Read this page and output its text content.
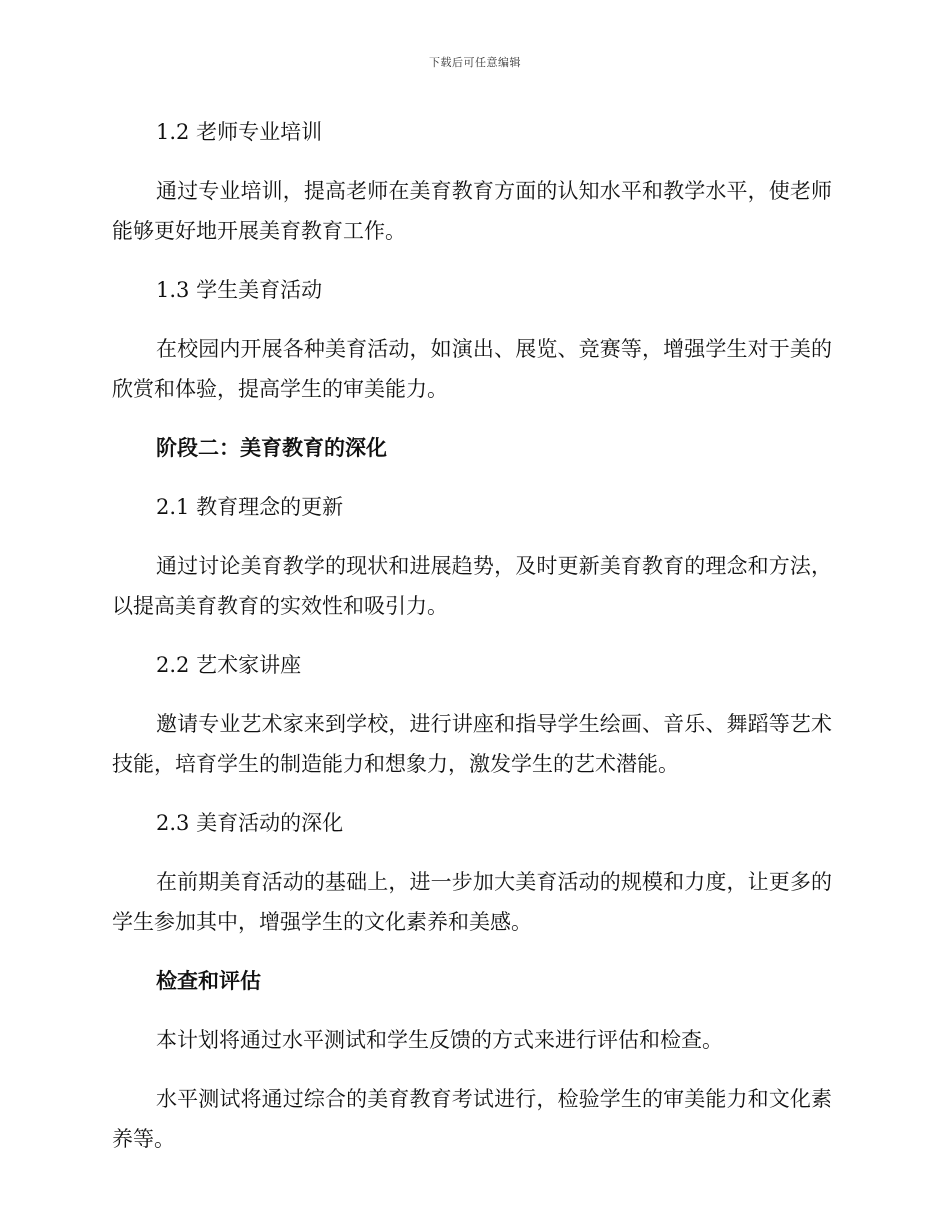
下载后可任意编辑

1.2 老师专业培训

通过专业培训，提高老师在美育教育方面的认知水平和教学水平，使老师能够更好地开展美育教育工作。

1.3 学生美育活动

在校园内开展各种美育活动，如演出、展览、竞赛等，增强学生对于美的欣赏和体验，提高学生的审美能力。

阶段二：美育教育的深化

2.1 教育理念的更新

通过讨论美育教学的现状和进展趋势，及时更新美育教育的理念和方法，以提高美育教育的实效性和吸引力。

2.2 艺术家讲座

邀请专业艺术家来到学校，进行讲座和指导学生绘画、音乐、舞蹈等艺术技能，培育学生的制造能力和想象力，激发学生的艺术潜能。

2.3 美育活动的深化

在前期美育活动的基础上，进一步加大美育活动的规模和力度，让更多的学生参加其中，增强学生的文化素养和美感。

检查和评估

本计划将通过水平测试和学生反馈的方式来进行评估和检查。

水平测试将通过综合的美育教育考试进行，检验学生的审美能力和文化素养等。
